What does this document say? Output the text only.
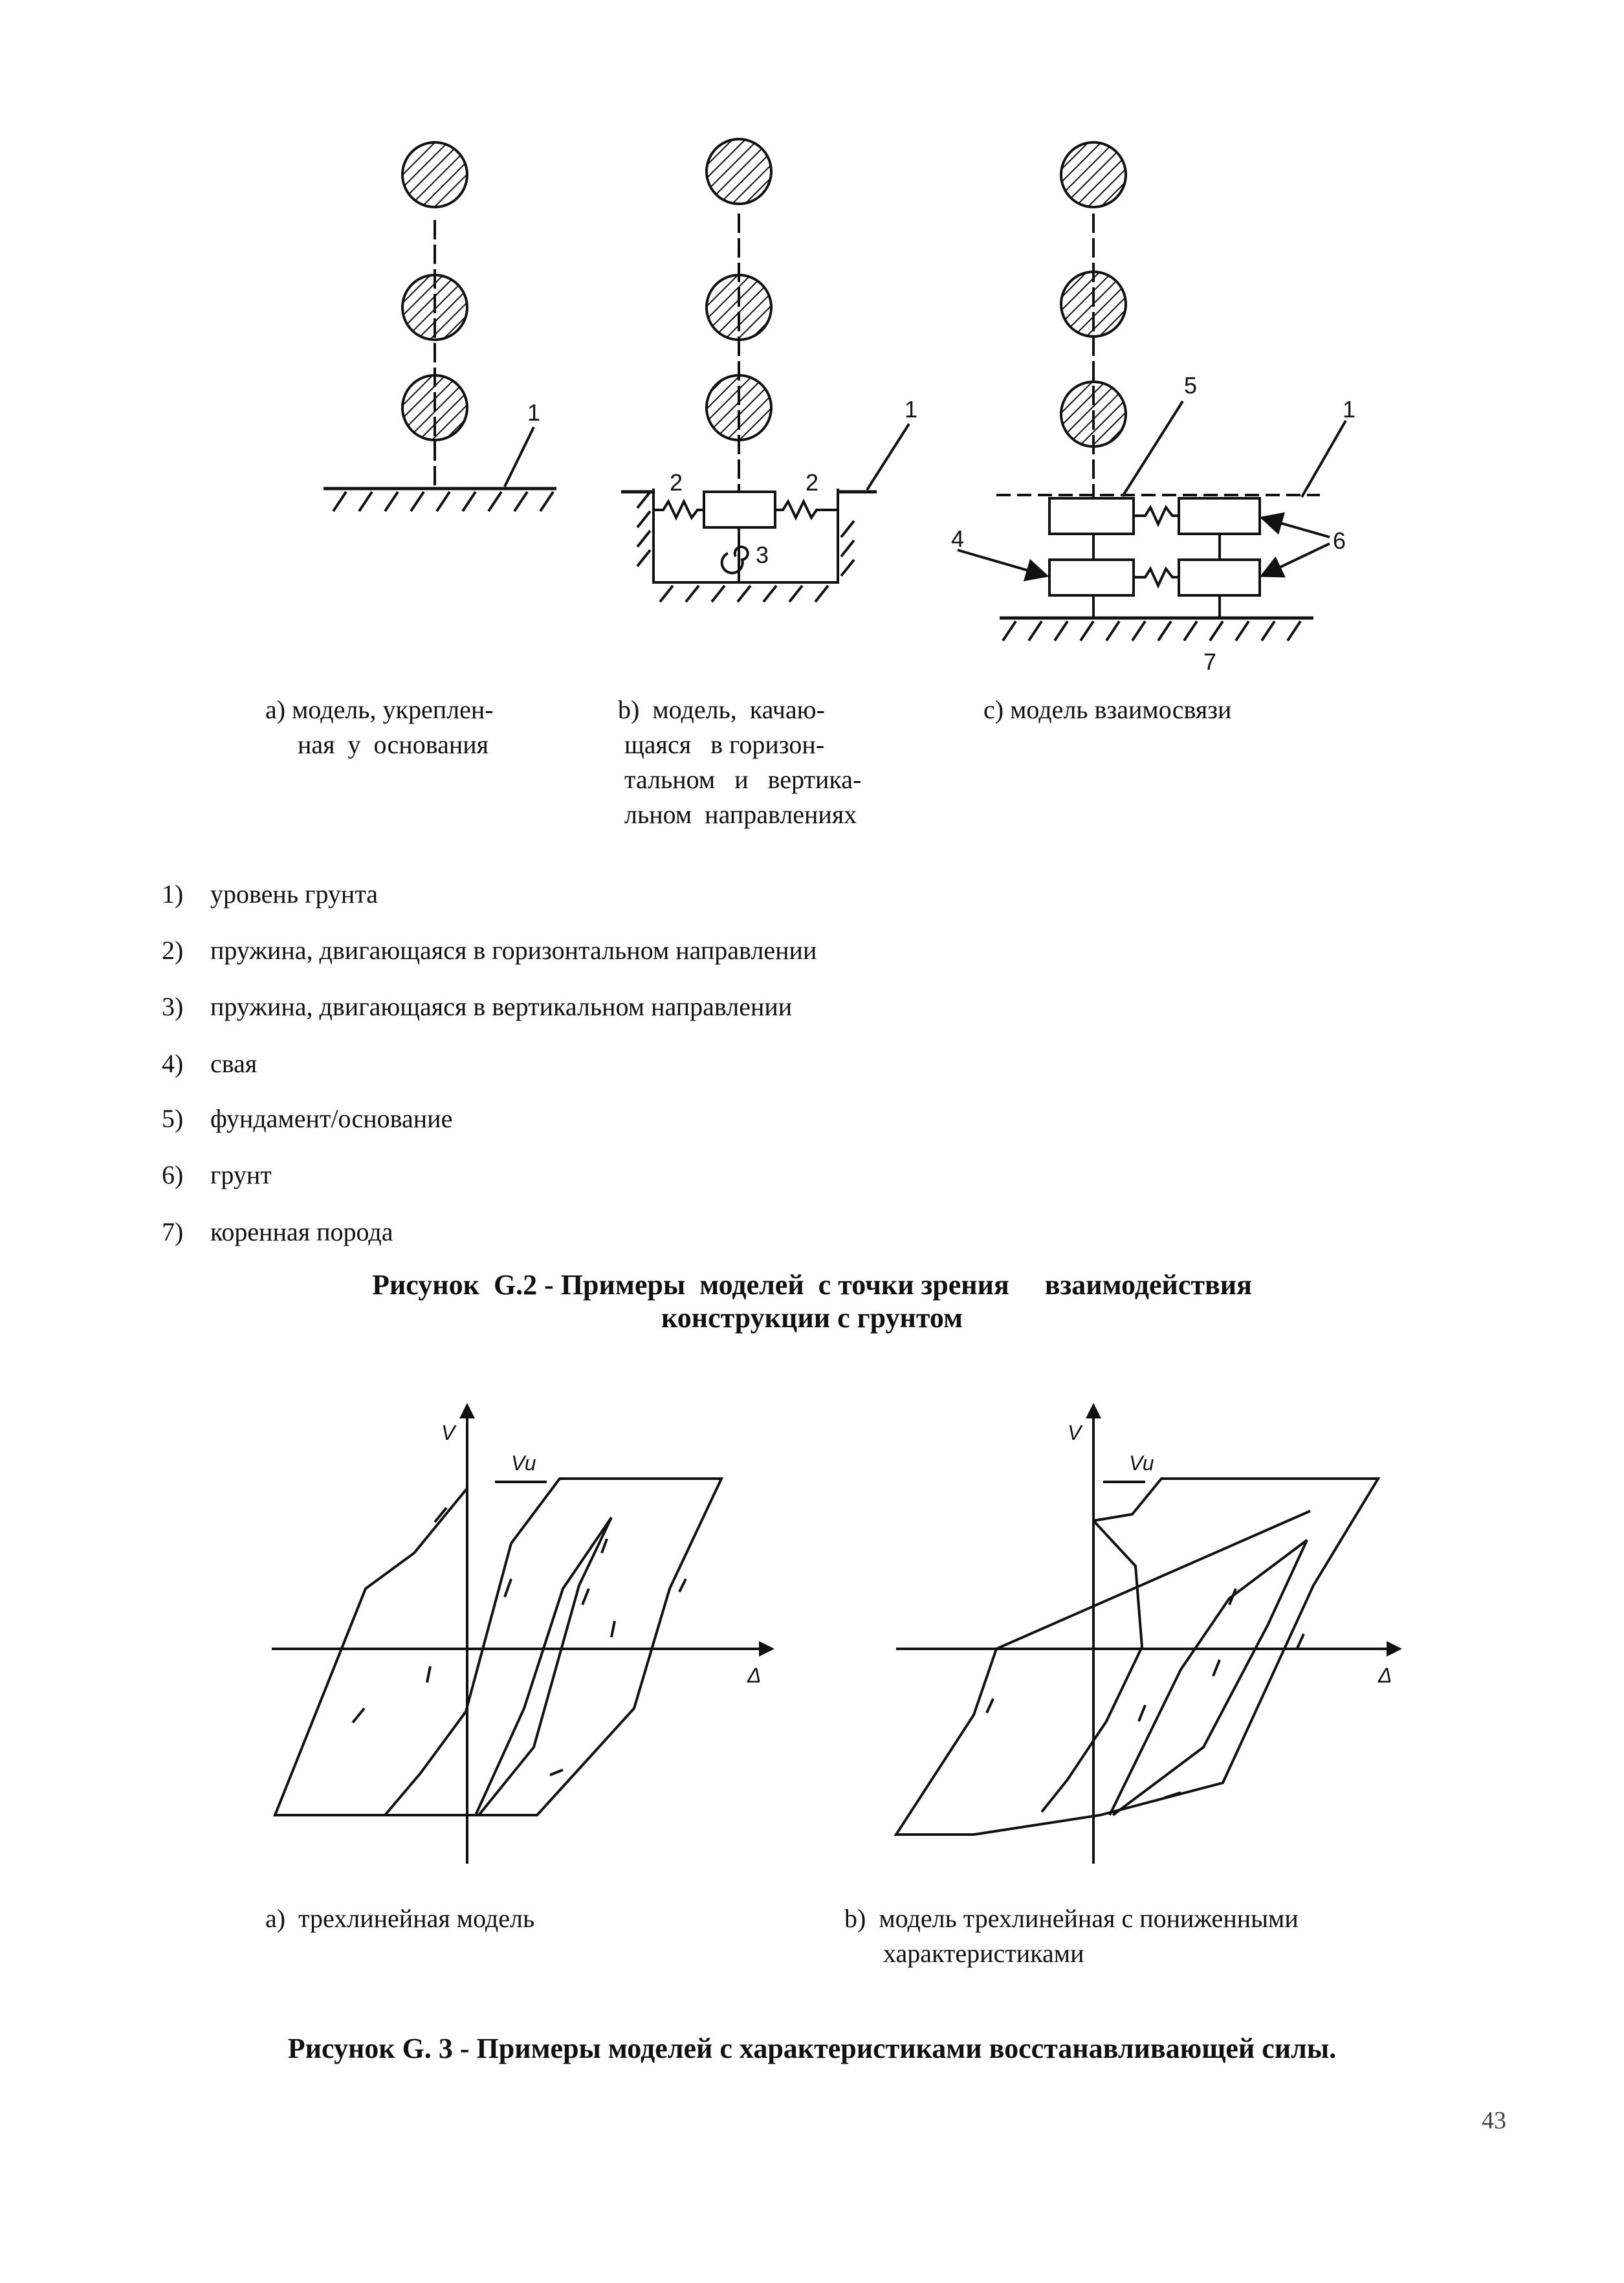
1
2	2
3
1
5
1
4	6
7
а) модель, укреплен-
ная  у  основания
b)  модель,  качаю-
щаяся   в горизон-
тальном   и   вертика-
льном  направлениях
с) модель взаимосвязи
1) уровень грунта
2) пружина, двигающаяся в горизонтальном направлении
3) пружина, двигающаяся в вертикальном направлении
4) свая
5) фундамент/основание
6) грунт
7) коренная порода
Рисунок  G.2 - Примеры  моделей  с точки зрения     взаимодействия
конструкции с грунтом
V
Vu
Δ
V
Vu
Δ
а)  трехлинейная модель	b)  модель трехлинейная с пониженными
характеристиками
Рисунок G. 3 - Примеры моделей с характеристиками восстанавливающей силы.
43
